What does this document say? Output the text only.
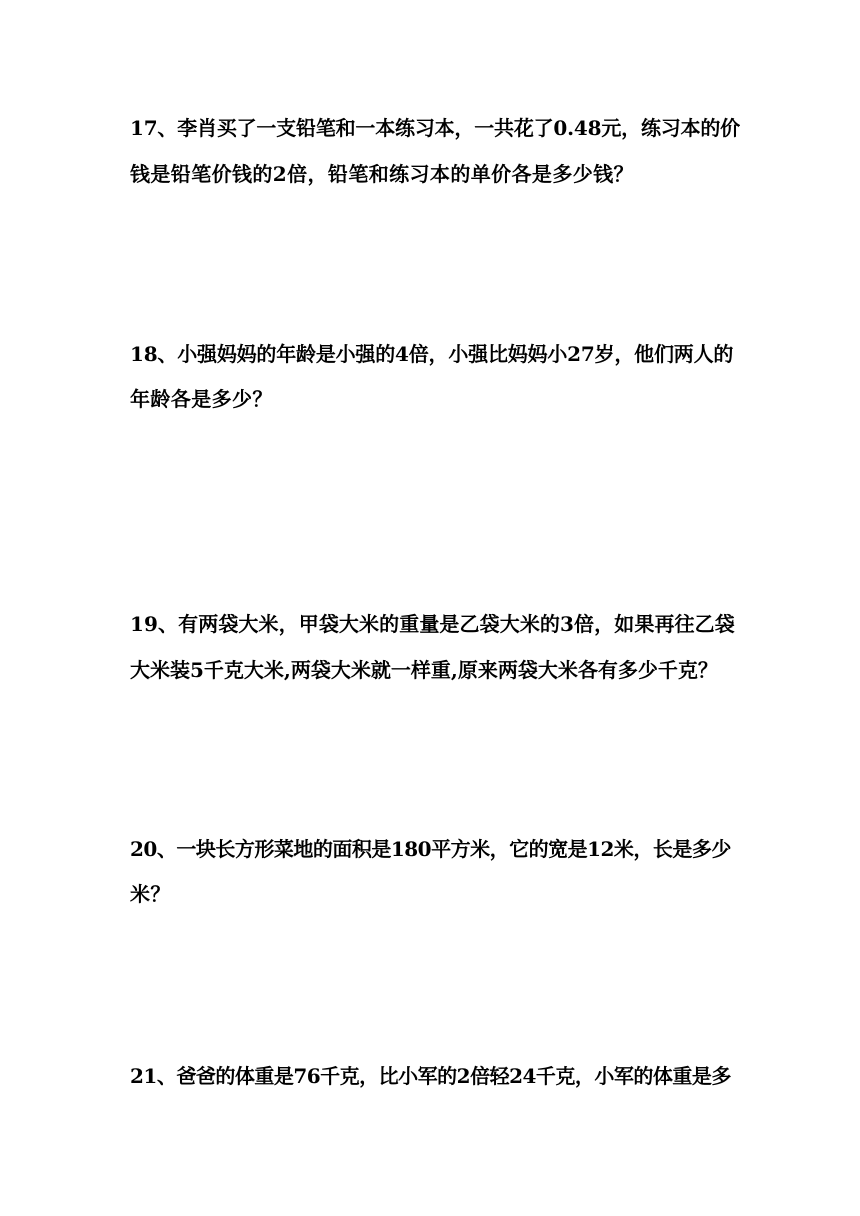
17、李肖买了一支铅笔和一本练习本，一共花了0.48元，练习本的价
钱是铅笔价钱的2倍，铅笔和练习本的单价各是多少钱？
18、小强妈妈的年龄是小强的4倍，小强比妈妈小27岁，他们两人的
年龄各是多少？
19、有两袋大米，甲袋大米的重量是乙袋大米的3倍，如果再往乙袋
大米装5千克大米,两袋大米就一样重,原来两袋大米各有多少千克？
20、一块长方形菜地的面积是180平方米，它的宽是12米，长是多少
米？
21、爸爸的体重是76千克，比小军的2倍轻24千克，小军的体重是多
